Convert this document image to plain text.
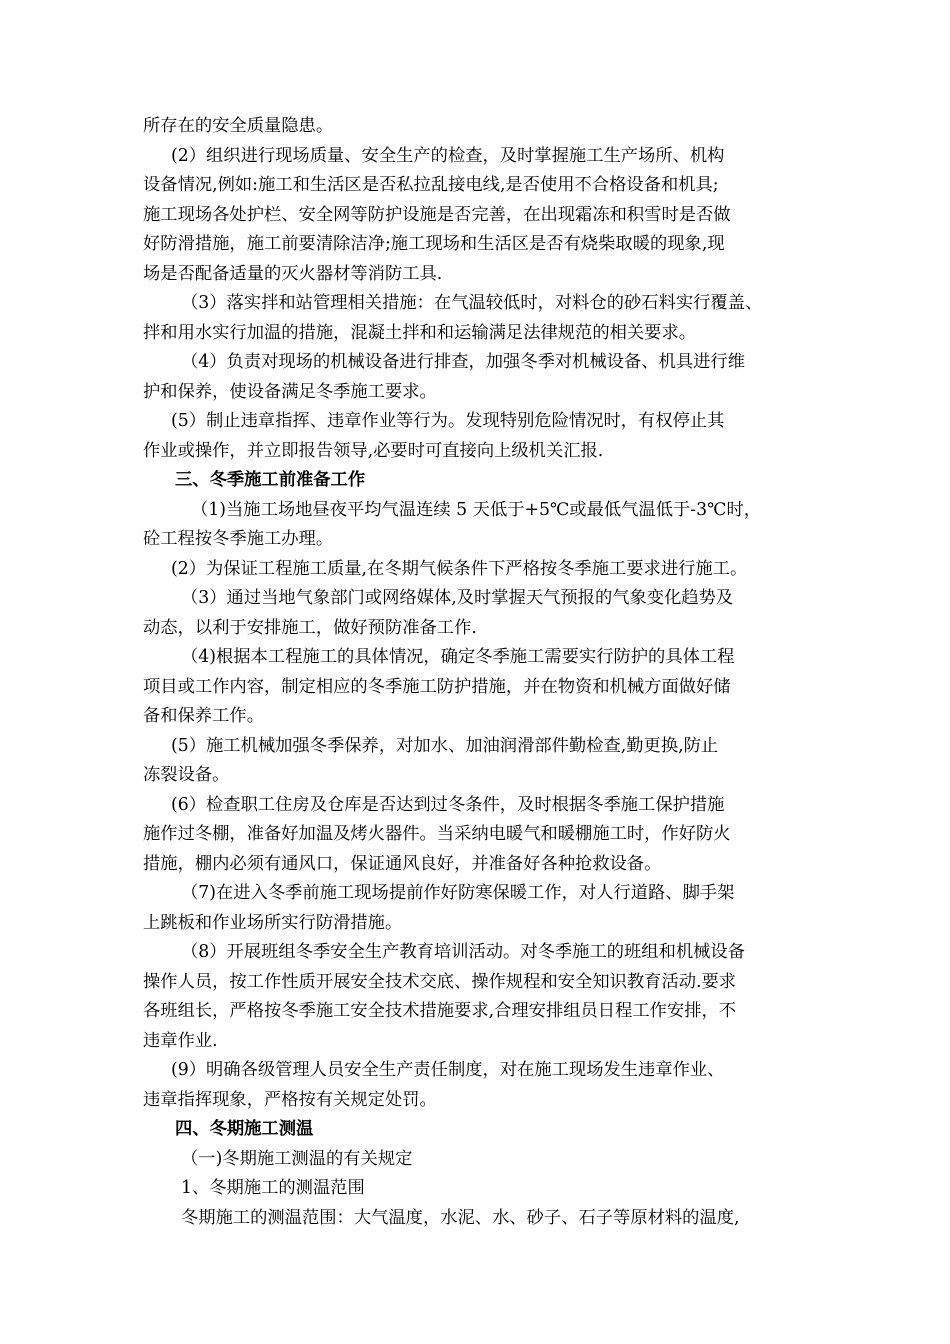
所存在的安全质量隐患。
(2）组织进行现场质量、安全生产的检查，及时掌握施工生产场所、机构
设备情况,例如:施工和生活区是否私拉乱接电线,是否使用不合格设备和机具;
施工现场各处护栏、安全网等防护设施是否完善，在出现霜冻和积雪时是否做
好防滑措施，施工前要清除洁净;施工现场和生活区是否有烧柴取暖的现象,现
场是否配备适量的灭火器材等消防工具.
（3）落实拌和站管理相关措施：在气温较低时，对料仓的砂石料实行覆盖、
拌和用水实行加温的措施，混凝土拌和和运输满足法律规范的相关要求。
（4）负责对现场的机械设备进行排查，加强冬季对机械设备、机具进行维
护和保养，使设备满足冬季施工要求。
(5）制止违章指挥、违章作业等行为。发现特别危险情况时，有权停止其
作业或操作，并立即报告领导,必要时可直接向上级机关汇报.
三、冬季施工前准备工作
（1)当施工场地昼夜平均气温连续 5 天低于+5℃或最低气温低于-3℃时，
砼工程按冬季施工办理。
(2）为保证工程施工质量,在冬期气候条件下严格按冬季施工要求进行施工。
（3）通过当地气象部门或网络媒体,及时掌握天气预报的气象变化趋势及
动态，以利于安排施工，做好预防准备工作.
（4)根据本工程施工的具体情况，确定冬季施工需要实行防护的具体工程
项目或工作内容，制定相应的冬季施工防护措施，并在物资和机械方面做好储
备和保养工作。
(5）施工机械加强冬季保养，对加水、加油润滑部件勤检查,勤更换,防止
冻裂设备。
(6）检查职工住房及仓库是否达到过冬条件，及时根据冬季施工保护措施
施作过冬棚，准备好加温及烤火器件。当采纳电暖气和暖棚施工时，作好防火
措施，棚内必须有通风口，保证通风良好，并准备好各种抢救设备。
（7)在进入冬季前施工现场提前作好防寒保暖工作，对人行道路、脚手架
上跳板和作业场所实行防滑措施。
（8）开展班组冬季安全生产教育培训活动。对冬季施工的班组和机械设备
操作人员，按工作性质开展安全技术交底、操作规程和安全知识教育活动.要求
各班组长，严格按冬季施工安全技术措施要求,合理安排组员日程工作安排，不
违章作业.
(9）明确各级管理人员安全生产责任制度，对在施工现场发生违章作业、
违章指挥现象，严格按有关规定处罚。
四、冬期施工测温
（一)冬期施工测温的有关规定
1、冬期施工的测温范围
冬期施工的测温范围：大气温度，水泥、水、砂子、石子等原材料的温度,
